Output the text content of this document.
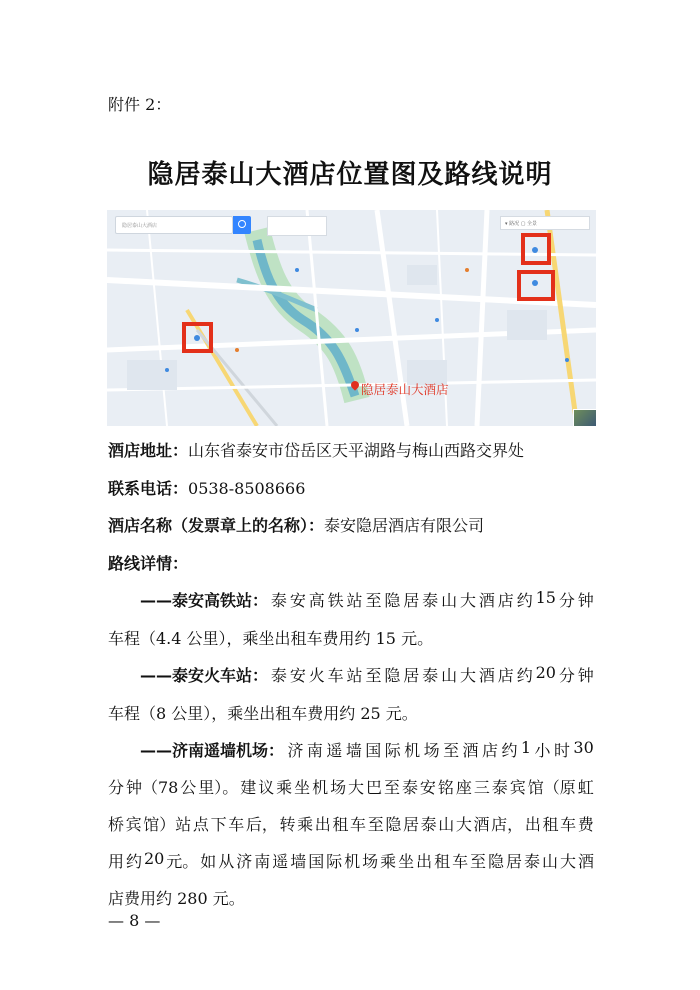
附件 2：
隐居泰山大酒店位置图及路线说明
隐居泰山大酒店	▾ 路况 ▢ 全景
隐居泰山大酒店
酒店地址：山东省泰安市岱岳区天平湖路与梅山西路交界处
联系电话：0538-8508666
酒店名称（发票章上的名称）：泰安隐居酒店有限公司
路线详情：
——泰安高铁站： 泰 安 高 铁 站 至 隐 居 泰 山 大 酒 店 约 15 分 钟
车程（4.4 公里），乘坐出租车费用约 15 元。
——泰安火车站： 泰 安 火 车 站 至 隐 居 泰 山 大 酒 店 约 20 分 钟
车程（8 公里），乘坐出租车费用约 25 元。
——济南遥墙机场： 济 南 遥 墙 国 际 机 场 至 酒 店 约 1 小 时 30
分 钟（78 公 里）。 建 议 乘 坐 机 场 大 巴 至 泰 安 铭 座 三 泰 宾 馆（原 虹
桥 宾 馆）站 点 下 车 后， 转 乘 出 租 车 至 隐 居 泰 山 大 酒 店， 出 租 车 费
用 约 20 元。 如 从 济 南 遥 墙 国 际 机 场 乘 坐 出 租 车 至 隐 居 泰 山 大 酒
店费用约 280 元。
— 8 —
